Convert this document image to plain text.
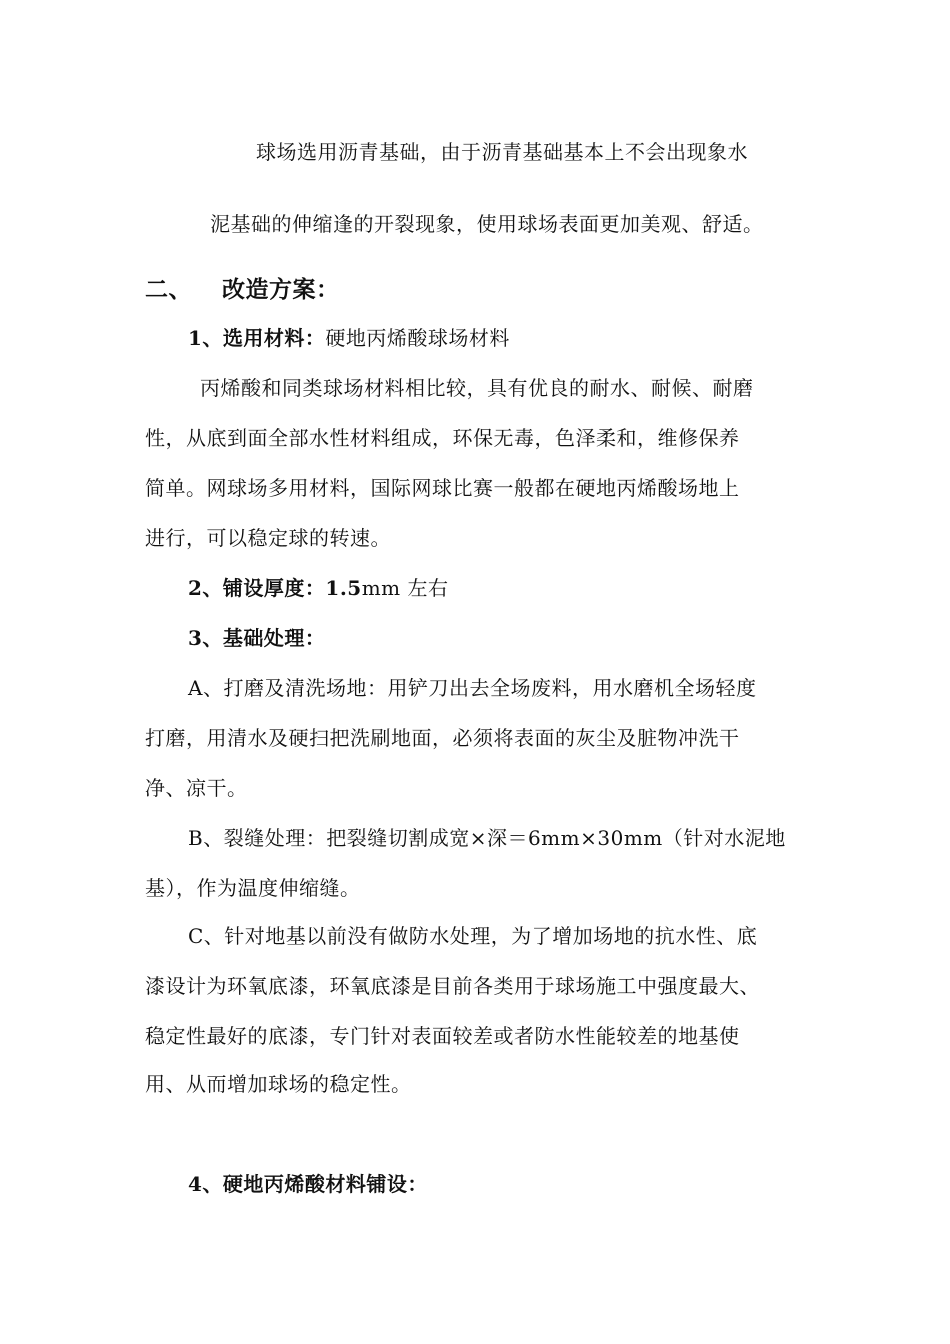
球场选用沥青基础，由于沥青基础基本上不会出现象水
泥基础的伸缩逢的开裂现象，使用球场表面更加美观、舒适。
二、 改造方案：
1、选用材料：硬地丙烯酸球场材料
丙烯酸和同类球场材料相比较，具有优良的耐水、耐候、耐磨
性，从底到面全部水性材料组成，环保无毒，色泽柔和，维修保养
简单。网球场多用材料，国际网球比赛一般都在硬地丙烯酸场地上
进行，可以稳定球的转速。
2、铺设厚度：1.5mm 左右
3、基础处理：
A、打磨及清洗场地：用铲刀出去全场废料，用水磨机全场轻度
打磨，用清水及硬扫把洗刷地面，必须将表面的灰尘及脏物冲洗干
净、凉干。
B、裂缝处理：把裂缝切割成宽×深＝6mm×30mm（针对水泥地
基），作为温度伸缩缝。
C、针对地基以前没有做防水处理，为了增加场地的抗水性、底
漆设计为环氧底漆，环氧底漆是目前各类用于球场施工中强度最大、
稳定性最好的底漆，专门针对表面较差或者防水性能较差的地基使
用、从而增加球场的稳定性。
4、硬地丙烯酸材料铺设：
